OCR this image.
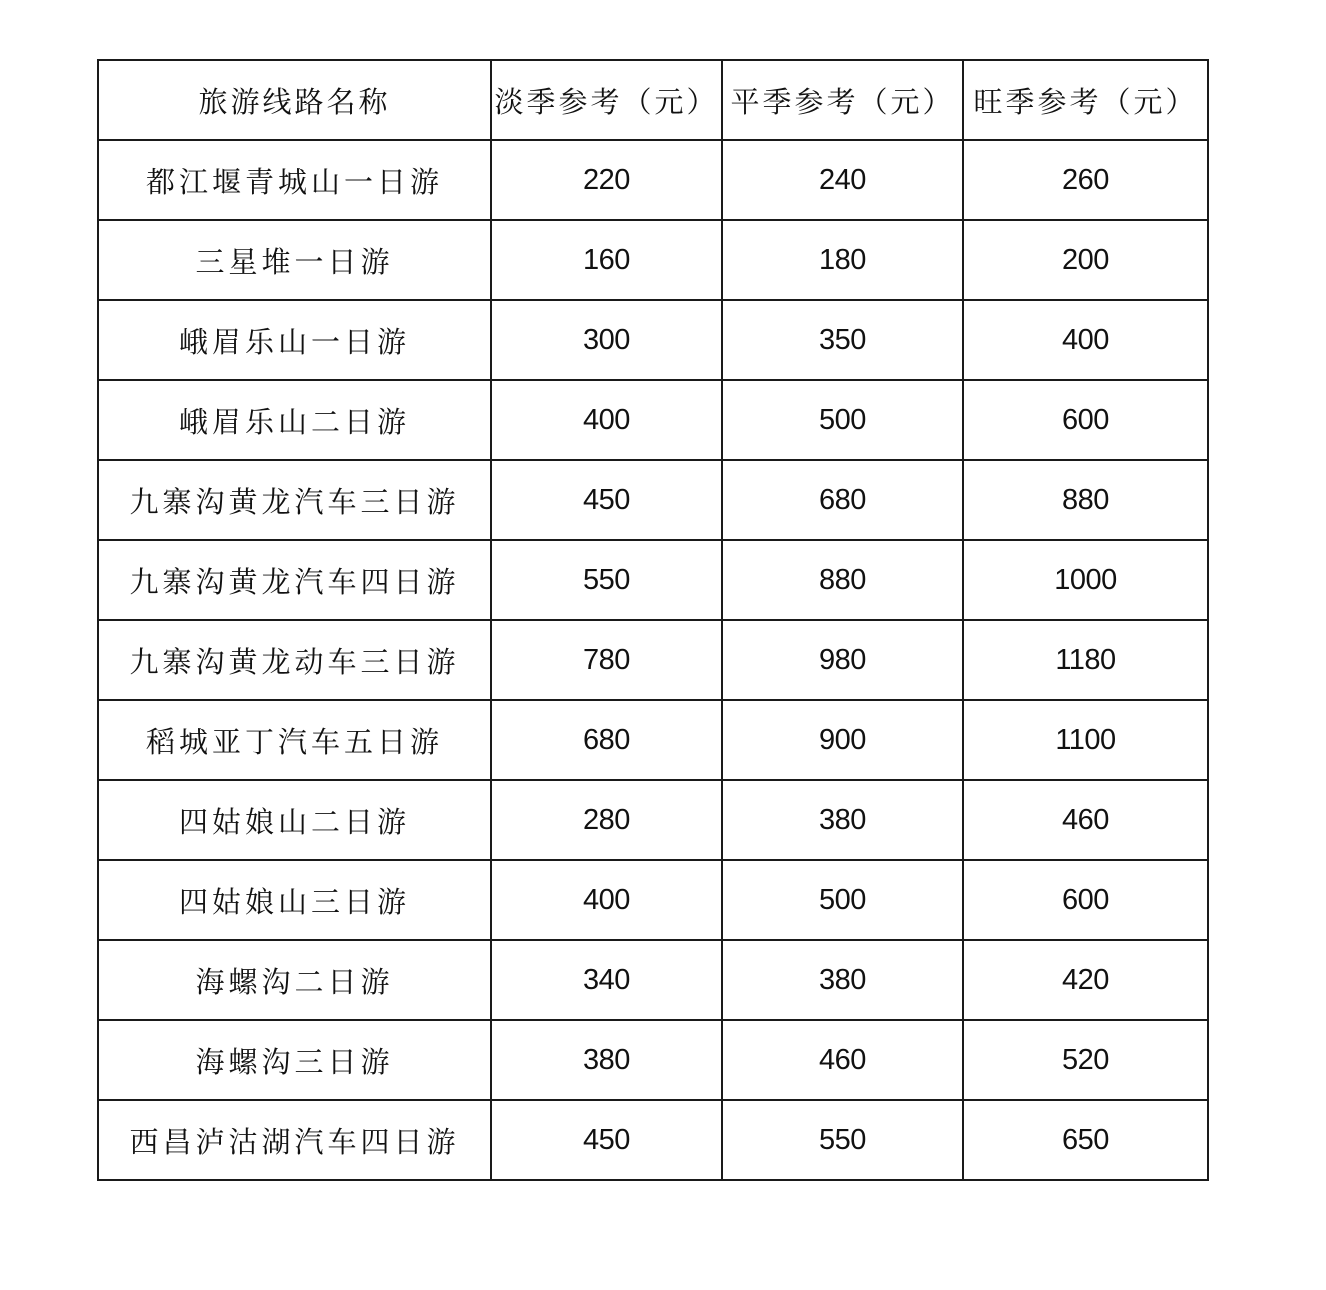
旅游线路名称	淡季参考（元）	平季参考（元）	旺季参考（元）
都江堰青城山一日游	220	240	260
三星堆一日游	160	180	200
峨眉乐山一日游	300	350	400
峨眉乐山二日游	400	500	600
九寨沟黄龙汽车三日游	450	680	880
九寨沟黄龙汽车四日游	550	880	1000
九寨沟黄龙动车三日游	780	980	1180
稻城亚丁汽车五日游	680	900	1100
四姑娘山二日游	280	380	460
四姑娘山三日游	400	500	600
海螺沟二日游	340	380	420
海螺沟三日游	380	460	520
西昌泸沽湖汽车四日游	450	550	650
